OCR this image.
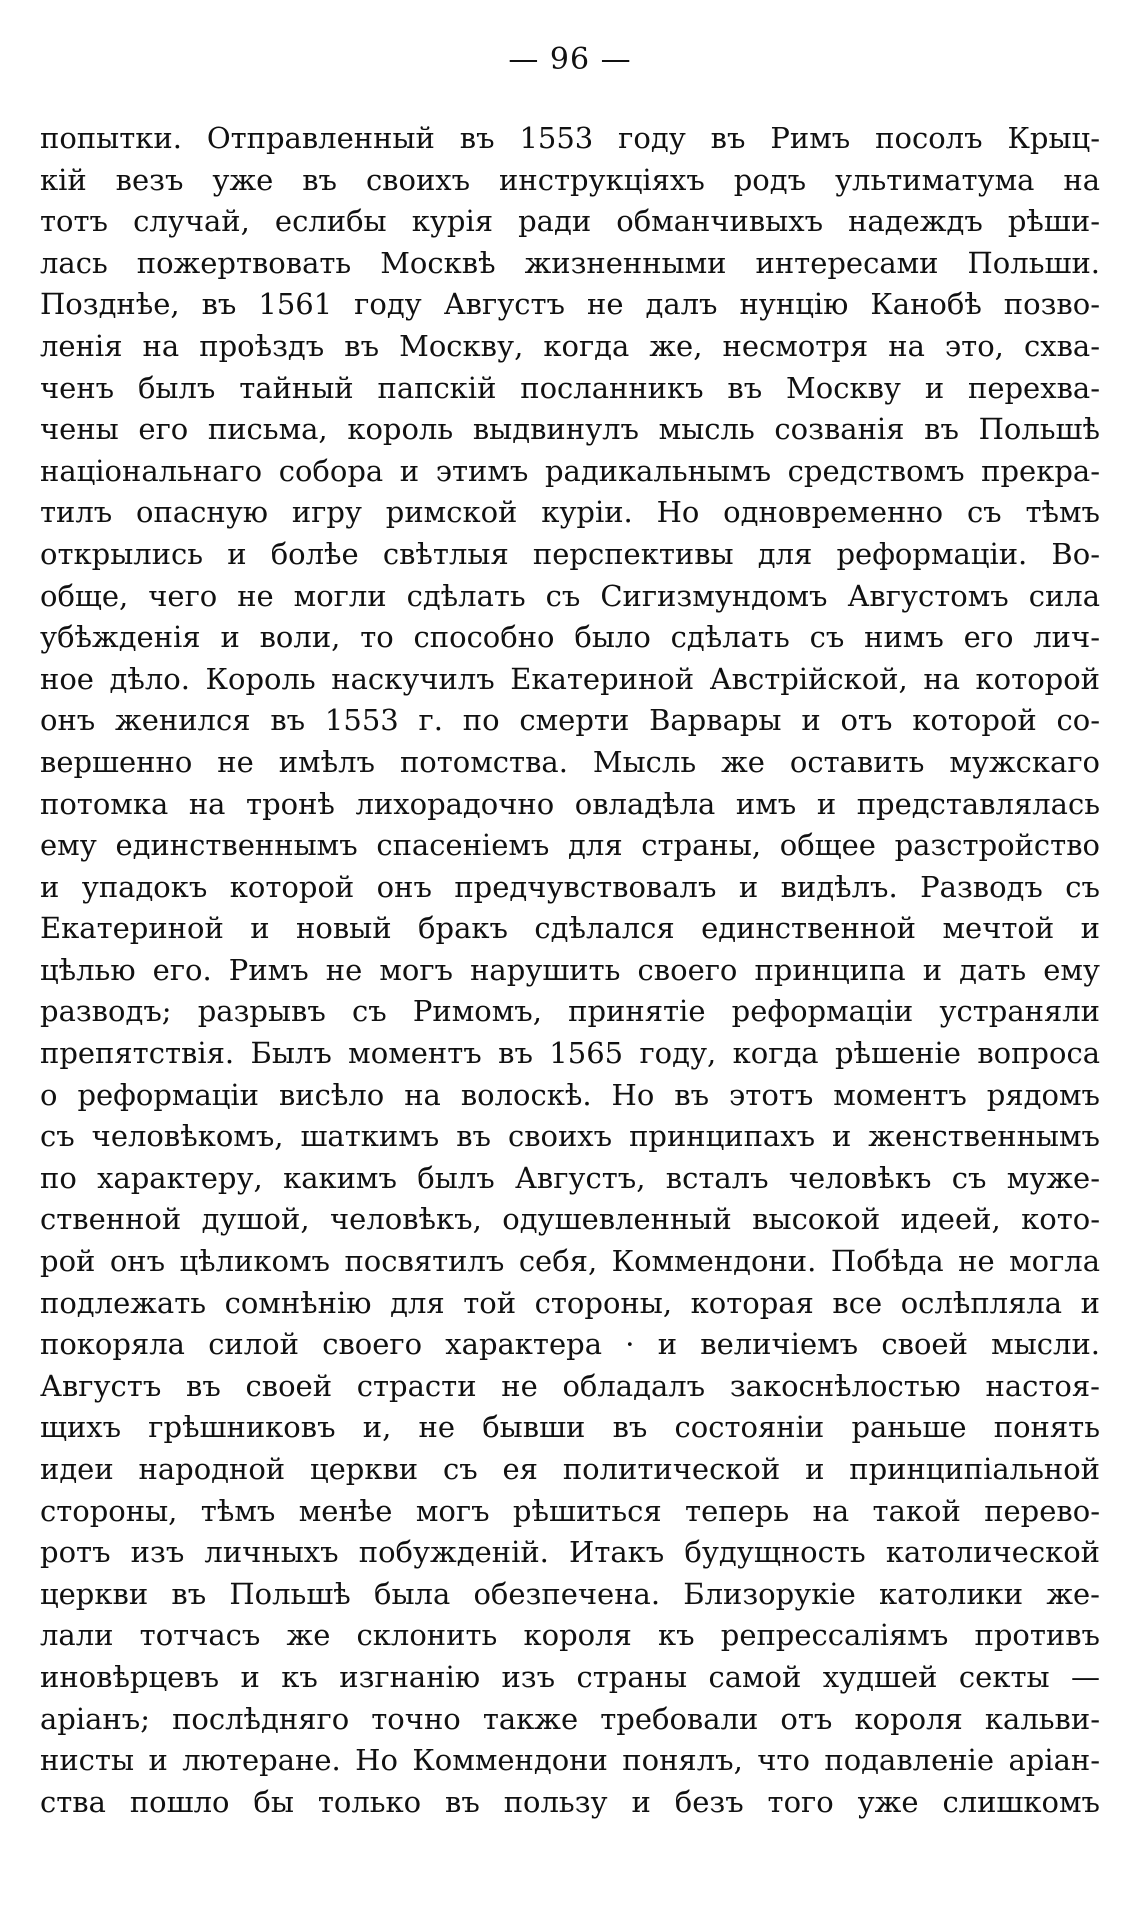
— 96 —
попытки. Отправленный въ 1553 году въ Римъ посолъ Крыц-
кій везъ уже въ своихъ инструкціяхъ родъ ультиматума на
тотъ случай, еслибы курія ради обманчивыхъ надеждъ рѣши-
лась пожертвовать Москвѣ жизненными интересами Польши.
Позднѣе, въ 1561 году Августъ не далъ нунцію Канобѣ позво-
ленія на проѣздъ въ Москву, когда же, несмотря на это, схва-
ченъ былъ тайный папскій посланникъ въ Москву и перехва-
чены его письма, король выдвинулъ мысль созванія въ Польшѣ
національнаго собора и этимъ радикальнымъ средствомъ прекра-
тилъ опасную игру римской куріи. Но одновременно съ тѣмъ
открылись и болѣе свѣтлыя перспективы для реформаціи. Во-
обще, чего не могли сдѣлать съ Сигизмундомъ Августомъ сила
убѣжденія и воли, то способно было сдѣлать съ нимъ его лич-
ное дѣло. Король наскучилъ Екатериной Австрійской, на которой
онъ женился въ 1553 г. по смерти Варвары и отъ которой со-
вершенно не имѣлъ потомства. Мысль же оставить мужскаго
потомка на тронѣ лихорадочно овладѣла имъ и представлялась
ему единственнымъ спасеніемъ для страны, общее разстройство
и упадокъ которой онъ предчувствовалъ и видѣлъ. Разводъ съ
Екатериной и новый бракъ сдѣлался единственной мечтой и
цѣлью его. Римъ не могъ нарушить своего принципа и дать ему
разводъ; разрывъ съ Римомъ, принятіе реформаціи устраняли
препятствія. Былъ моментъ въ 1565 году, когда рѣшеніе вопроса
о реформаціи висѣло на волоскѣ. Но въ этотъ моментъ рядомъ
съ человѣкомъ, шаткимъ въ своихъ принципахъ и женственнымъ
по характеру, какимъ былъ Августъ, всталъ человѣкъ съ муже-
ственной душой, человѣкъ, одушевленный высокой идеей, кото-
рой онъ цѣликомъ посвятилъ себя, Коммендони. Побѣда не могла
подлежать сомнѣнію для той стороны, которая все ослѣпляла и
покоряла силой своего характера · и величіемъ своей мысли.
Августъ въ своей страсти не обладалъ закоснѣлостью настоя-
щихъ грѣшниковъ и, не бывши въ состояніи раньше понять
идеи народной церкви съ ея политической и принципіальной
стороны, тѣмъ менѣе могъ рѣшиться теперь на такой перево-
ротъ изъ личныхъ побужденій. Итакъ будущность католической
церкви въ Польшѣ была обезпечена. Близорукіе католики же-
лали тотчасъ же склонить короля къ репрессаліямъ противъ
иновѣрцевъ и къ изгнанію изъ страны самой худшей секты —
аріанъ; послѣдняго точно также требовали отъ короля кальви-
нисты и лютеране. Но Коммендони понялъ, что подавленіе аріан-
ства пошло бы только въ пользу и безъ того уже слишкомъ
